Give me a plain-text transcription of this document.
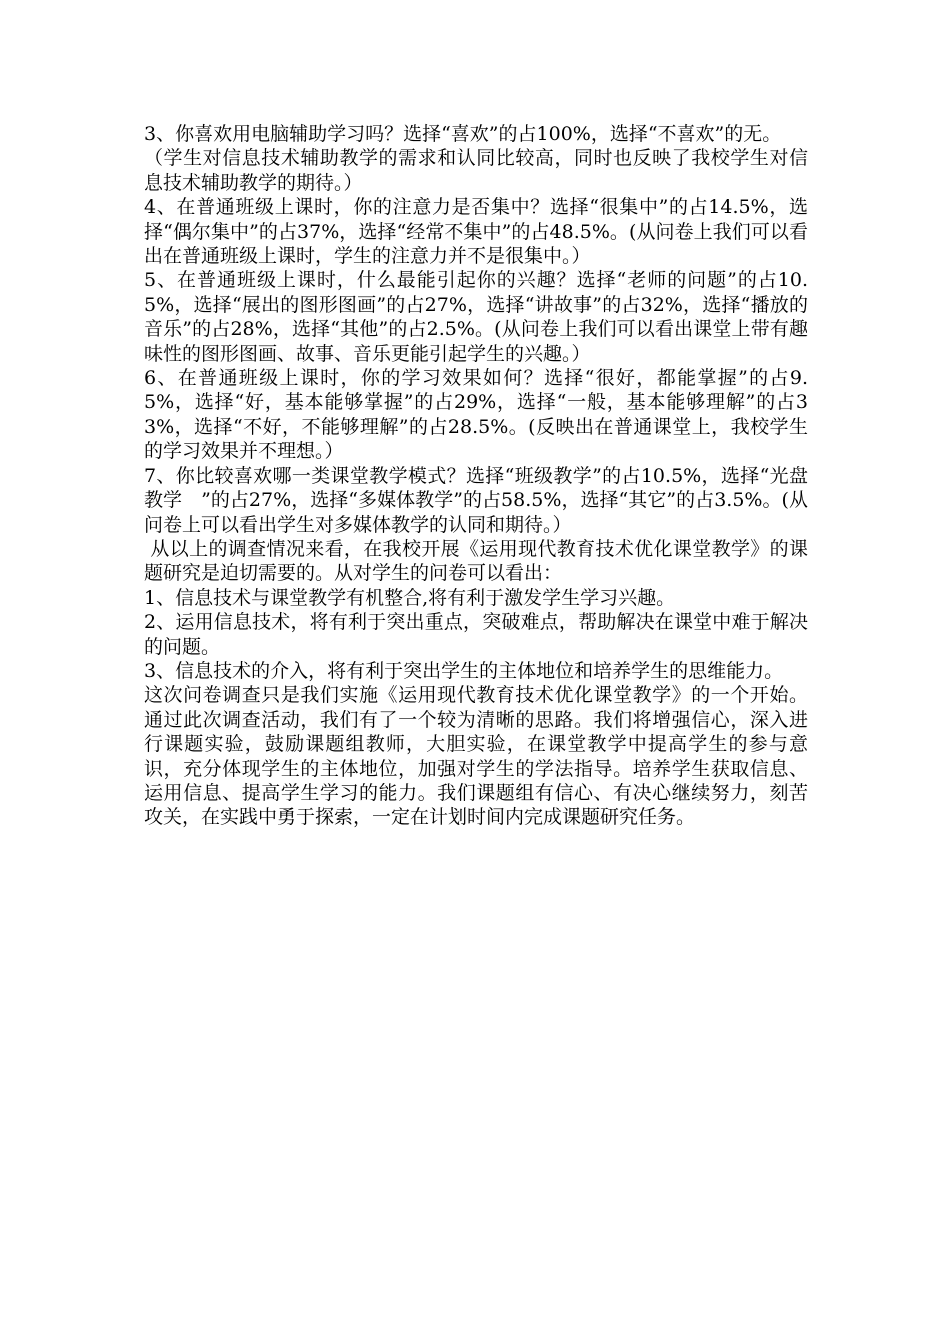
3、你喜欢用电脑辅助学习吗？选择“喜欢”的占100%，选择“不喜欢”的无。

（学生对信息技术辅助教学的需求和认同比较高，同时也反映了我校学生对信息技术辅助教学的期待。）

4、在普通班级上课时，你的注意力是否集中？选择“很集中”的占14.5%，选择“偶尔集中”的占37%，选择“经常不集中”的占48.5%。(从问卷上我们可以看出在普通班级上课时，学生的注意力并不是很集中。）

5、在普通班级上课时，什么最能引起你的兴趣？选择“老师的问题”的占10.5%，选择“展出的图形图画”的占27%，选择“讲故事”的占32%，选择“播放的音乐”的占28%，选择“其他”的占2.5%。(从问卷上我们可以看出课堂上带有趣味性的图形图画、故事、音乐更能引起学生的兴趣。）

6、在普通班级上课时，你的学习效果如何？选择“很好，都能掌握”的占9.5%，选择“好，基本能够掌握”的占29%，选择“一般，基本能够理解”的占33%，选择“不好，不能够理解”的占28.5%。(反映出在普通课堂上，我校学生的学习效果并不理想。）

7、你比较喜欢哪一类课堂教学模式？选择“班级教学”的占10.5%，选择“光盘教学　”的占27%，选择“多媒体教学”的占58.5%，选择“其它”的占3.5%。(从问卷上可以看出学生对多媒体教学的认同和期待。）

从以上的调查情况来看，在我校开展《运用现代教育技术优化课堂教学》的课题研究是迫切需要的。从对学生的问卷可以看出：

1、信息技术与课堂教学有机整合,将有利于激发学生学习兴趣。

2、运用信息技术，将有利于突出重点，突破难点，帮助解决在课堂中难于解决的问题。

3、信息技术的介入，将有利于突出学生的主体地位和培养学生的思维能力。

这次问卷调查只是我们实施《运用现代教育技术优化课堂教学》的一个开始。通过此次调查活动，我们有了一个较为清晰的思路。我们将增强信心，深入进行课题实验，鼓励课题组教师，大胆实验，在课堂教学中提高学生的参与意识，充分体现学生的主体地位，加强对学生的学法指导。培养学生获取信息、运用信息、提高学生学习的能力。我们课题组有信心、有决心继续努力，刻苦攻关，在实践中勇于探索，一定在计划时间内完成课题研究任务。
